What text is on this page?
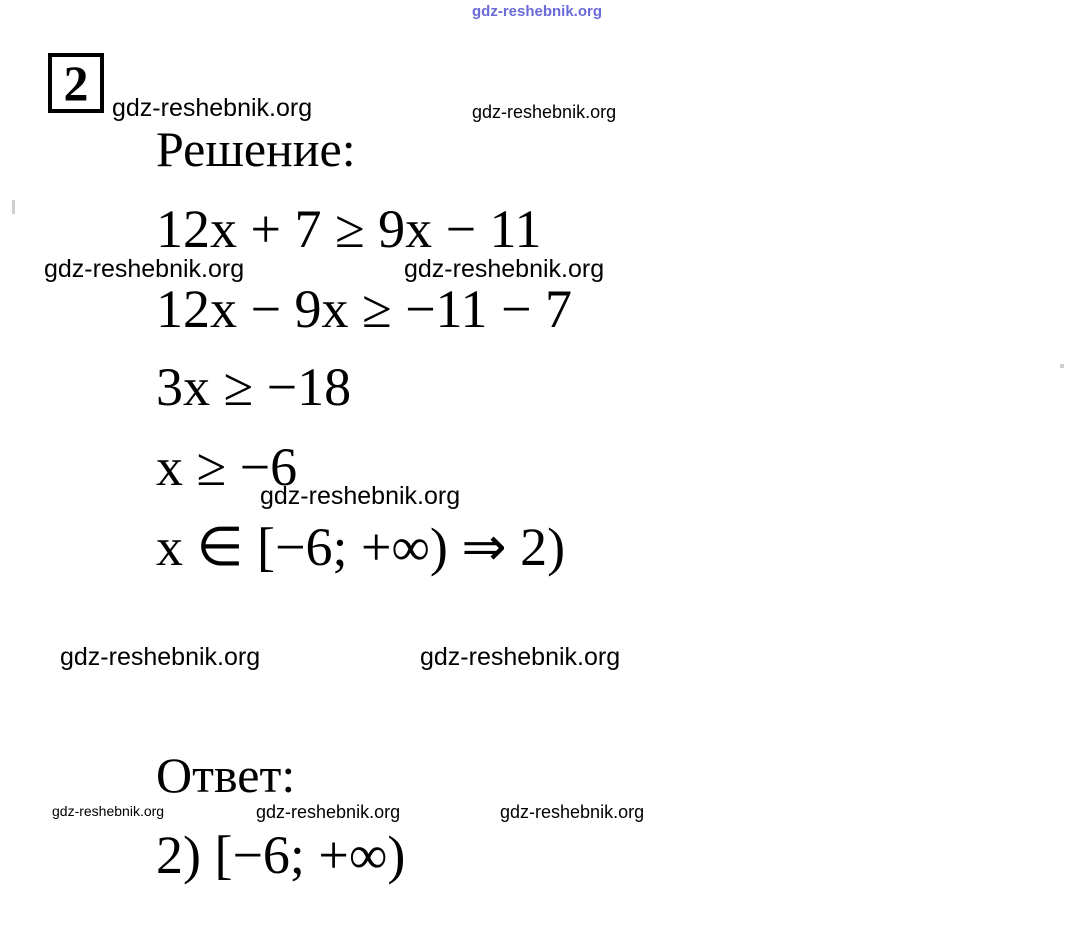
gdz-reshebnik.org
gdz-reshebnik.org	gdz-reshebnik.org
gdz-reshebnik.org	gdz-reshebnik.org
gdz-reshebnik.org
gdz-reshebnik.org	gdz-reshebnik.org
gdz-reshebnik.org	gdz-reshebnik.org	gdz-reshebnik.org
2
Решение:
12x + 7 ≥ 9x − 11
12x − 9x ≥ −11 − 7
3x ≥ −18
x ≥ −6
x ∈ [−6; +∞) ⇒ 2)
Ответ:
2) [−6; +∞)
